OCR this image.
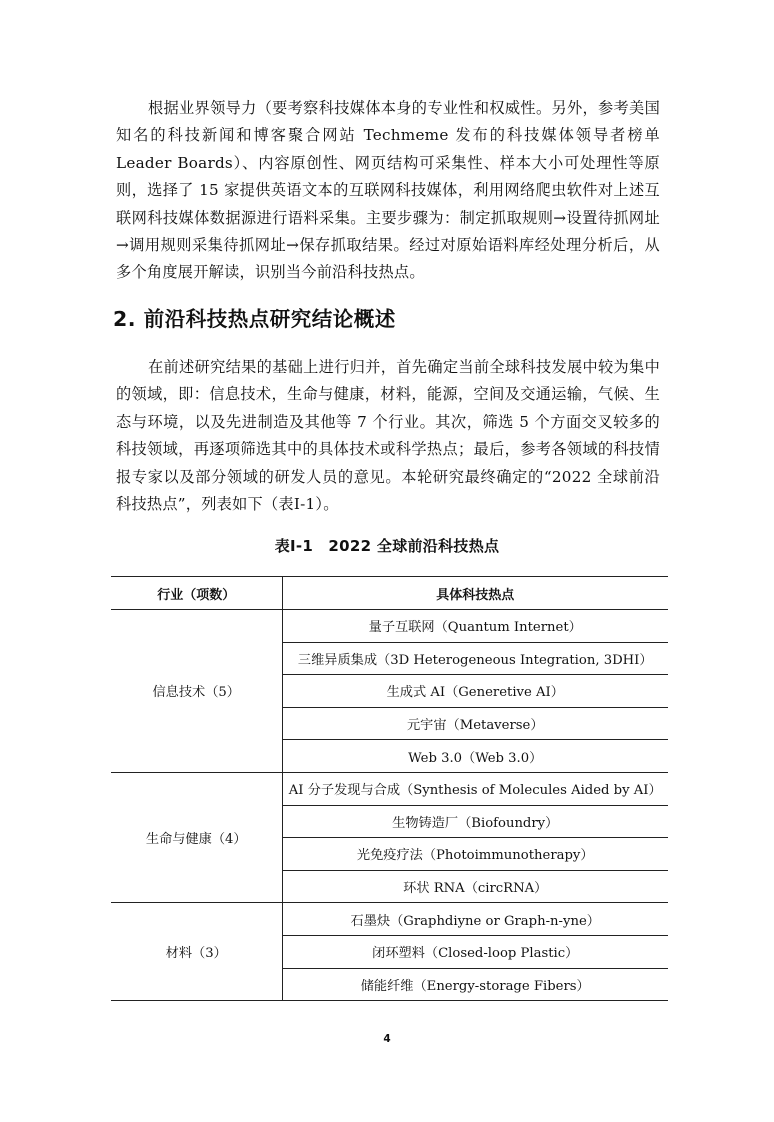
根据业界领导力（要考察科技媒体本身的专业性和权威性。另外，参考美国知名的科技新闻和博客聚合网站 Techmeme 发布的科技媒体领导者榜单 Leader Boards）、内容原创性、网页结构可采集性、样本大小可处理性等原则，选择了 15 家提供英语文本的互联网科技媒体，利用网络爬虫软件对上述互联网科技媒体数据源进行语料采集。主要步骤为：制定抓取规则→设置待抓网址→调用规则采集待抓网址→保存抓取结果。经过对原始语料库经处理分析后，从多个角度展开解读，识别当今前沿科技热点。

2. 前沿科技热点研究结论概述

在前述研究结果的基础上进行归并，首先确定当前全球科技发展中较为集中的领域，即：信息技术，生命与健康，材料，能源，空间及交通运输，气候、生态与环境，以及先进制造及其他等 7 个行业。其次，筛选 5 个方面交叉较多的科技领域，再逐项筛选其中的具体技术或科学热点；最后，参考各领域的科技情报专家以及部分领域的研发人员的意见。本轮研究最终确定的“2022 全球前沿科技热点”，列表如下（表Ⅰ-1）。

表Ⅰ-1　2022 全球前沿科技热点
行业（项数）	具体科技热点
信息技术（5）	量子互联网（Quantum Internet）
	三维异质集成（3D Heterogeneous Integration, 3DHI）
	生成式 AI（Generetive AI）
	元宇宙（Metaverse）
	Web 3.0（Web 3.0）
生命与健康（4）	AI 分子发现与合成（Synthesis of Molecules Aided by AI）
	生物铸造厂（Biofoundry）
	光免疫疗法（Photoimmunotherapy）
	环状 RNA（circRNA）
材料（3）	石墨炔（Graphdiyne or Graph-n-yne）
	闭环塑料（Closed-loop Plastic）
	储能纤维（Energy-storage Fibers）
4
